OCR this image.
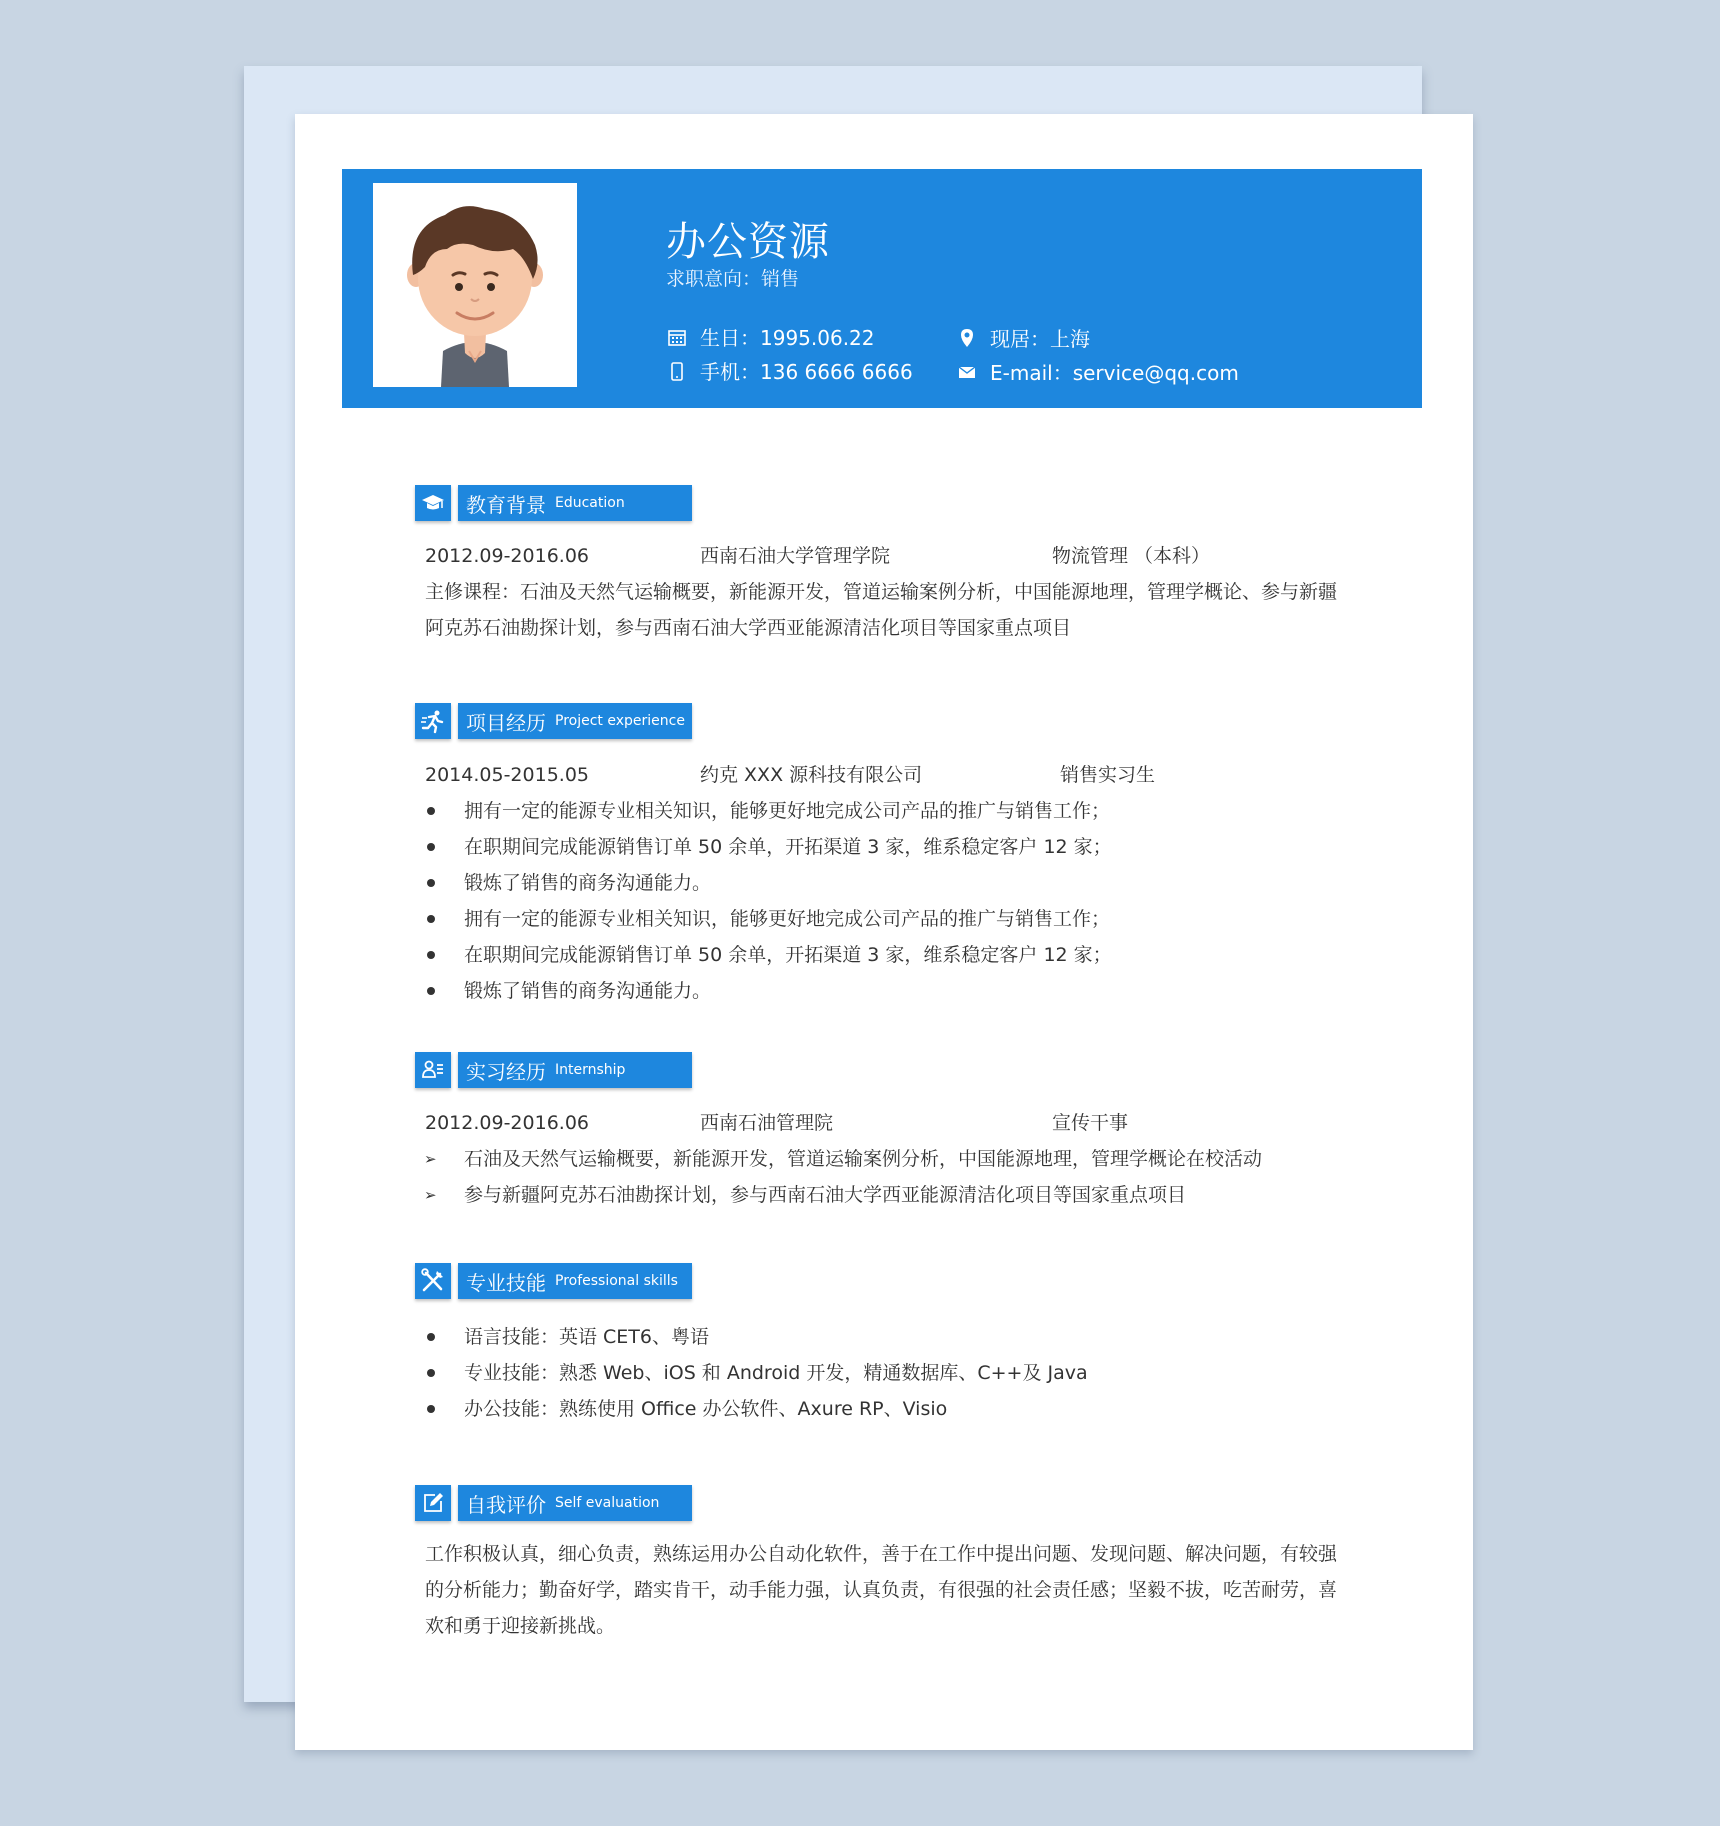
办公资源
求职意向：销售
生日：1995.06.22
手机：136 6666 6666
现居：上海
E-mail：service@qq.com
教育背景 Education
2012.09-2016.06	西南石油大学管理学院	物流管理 （本科）
主修课程：石油及天然气运输概要，新能源开发，管道运输案例分析，中国能源地理，管理学概论、参与新疆阿克苏石油勘探计划，参与西南石油大学西亚能源清洁化项目等国家重点项目
项目经历 Project experience
2014.05-2015.05	约克 XXX 源科技有限公司	销售实习生
拥有一定的能源专业相关知识，能够更好地完成公司产品的推广与销售工作；
在职期间完成能源销售订单 50 余单，开拓渠道 3 家，维系稳定客户 12 家；
锻炼了销售的商务沟通能力。
拥有一定的能源专业相关知识，能够更好地完成公司产品的推广与销售工作；
在职期间完成能源销售订单 50 余单，开拓渠道 3 家，维系稳定客户 12 家；
锻炼了销售的商务沟通能力。
实习经历 Internship
2012.09-2016.06	西南石油管理院	宣传干事
➢ 石油及天然气运输概要，新能源开发，管道运输案例分析，中国能源地理，管理学概论在校活动
➢ 参与新疆阿克苏石油勘探计划，参与西南石油大学西亚能源清洁化项目等国家重点项目
专业技能 Professional skills
语言技能：英语 CET6、粤语
专业技能：熟悉 Web、iOS 和 Android 开发，精通数据库、C++及 Java
办公技能：熟练使用 Office 办公软件、Axure RP、Visio
自我评价 Self evaluation
工作积极认真，细心负责，熟练运用办公自动化软件，善于在工作中提出问题、发现问题、解决问题，有较强的分析能力；勤奋好学，踏实肯干，动手能力强，认真负责，有很强的社会责任感；坚毅不拔，吃苦耐劳，喜欢和勇于迎接新挑战。
